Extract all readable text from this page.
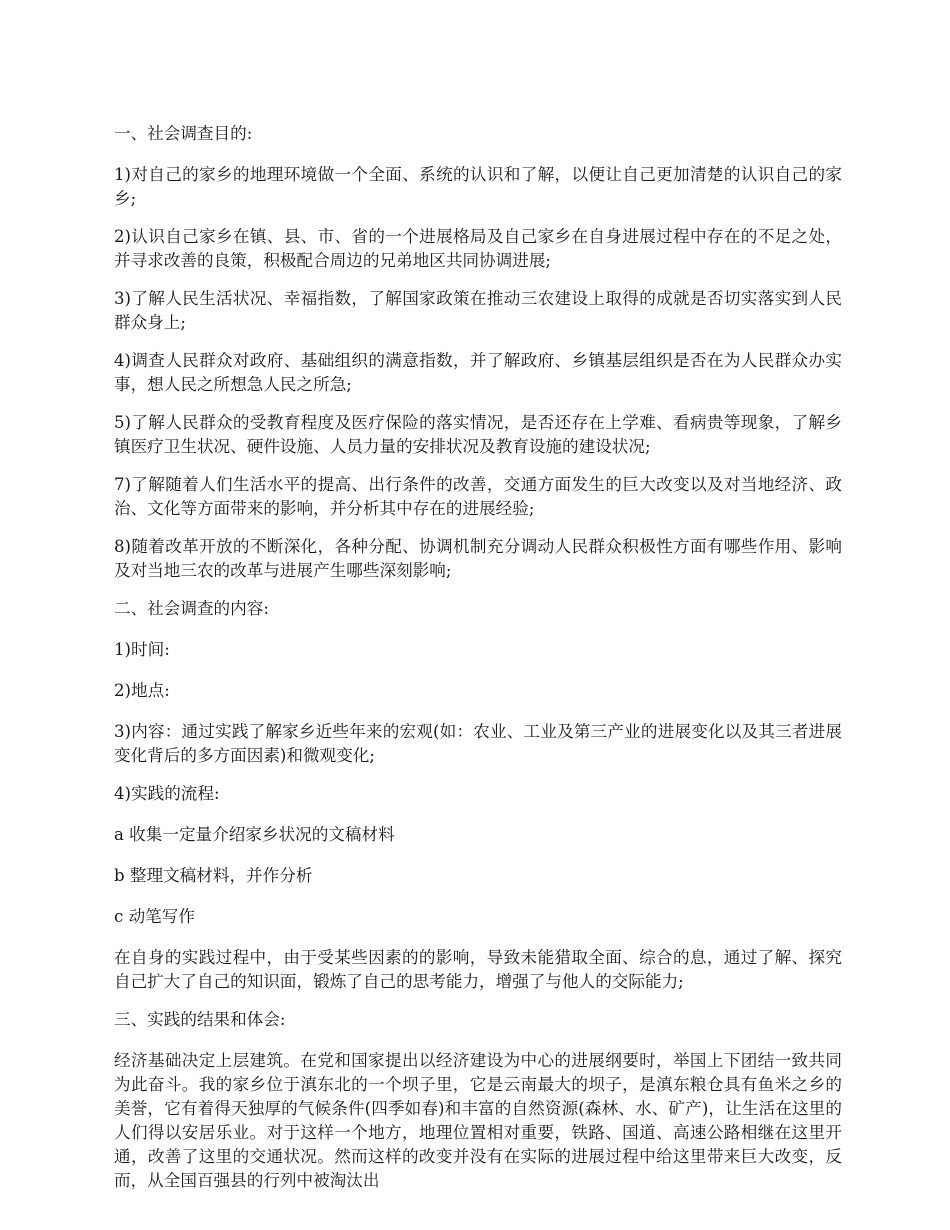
一、社会调查目的:

1)对自己的家乡的地理环境做一个全面、系统的认识和了解，以便让自己更加清楚的认识自己的家乡;

2)认识自己家乡在镇、县、市、省的一个进展格局及自己家乡在自身进展过程中存在的不足之处，并寻求改善的良策，积极配合周边的兄弟地区共同协调进展;

3)了解人民生活状况、幸福指数，了解国家政策在推动三农建设上取得的成就是否切实落实到人民群众身上;

4)调查人民群众对政府、基础组织的满意指数，并了解政府、乡镇基层组织是否在为人民群众办实事，想人民之所想急人民之所急;

5)了解人民群众的受教育程度及医疗保险的落实情况，是否还存在上学难、看病贵等现象，了解乡镇医疗卫生状况、硬件设施、人员力量的安排状况及教育设施的建设状况;

7)了解随着人们生活水平的提高、出行条件的改善，交通方面发生的巨大改变以及对当地经济、政治、文化等方面带来的影响，并分析其中存在的进展经验;

8)随着改革开放的不断深化，各种分配、协调机制充分调动人民群众积极性方面有哪些作用、影响及对当地三农的改革与进展产生哪些深刻影响;

二、社会调查的内容:

1)时间:

2)地点:

3)内容：通过实践了解家乡近些年来的宏观(如：农业、工业及第三产业的进展变化以及其三者进展变化背后的多方面因素)和微观变化;

4)实践的流程:

a 收集一定量介绍家乡状况的文稿材料

b 整理文稿材料，并作分析

c 动笔写作

在自身的实践过程中，由于受某些因素的的影响，导致未能猎取全面、综合的息，通过了解、探究自己扩大了自己的知识面，锻炼了自己的思考能力，增强了与他人的交际能力;

三、实践的结果和体会:

经济基础决定上层建筑。在党和国家提出以经济建设为中心的进展纲要时，举国上下团结一致共同为此奋斗。我的家乡位于滇东北的一个坝子里，它是云南最大的坝子，是滇东粮仓具有鱼米之乡的美誉，它有着得天独厚的气候条件(四季如春)和丰富的自然资源(森林、水、矿产)，让生活在这里的人们得以安居乐业。对于这样一个地方，地理位置相对重要，铁路、国道、高速公路相继在这里开通，改善了这里的交通状况。然而这样的改变并没有在实际的进展过程中给这里带来巨大改变，反而，从全国百强县的行列中被淘汰出
